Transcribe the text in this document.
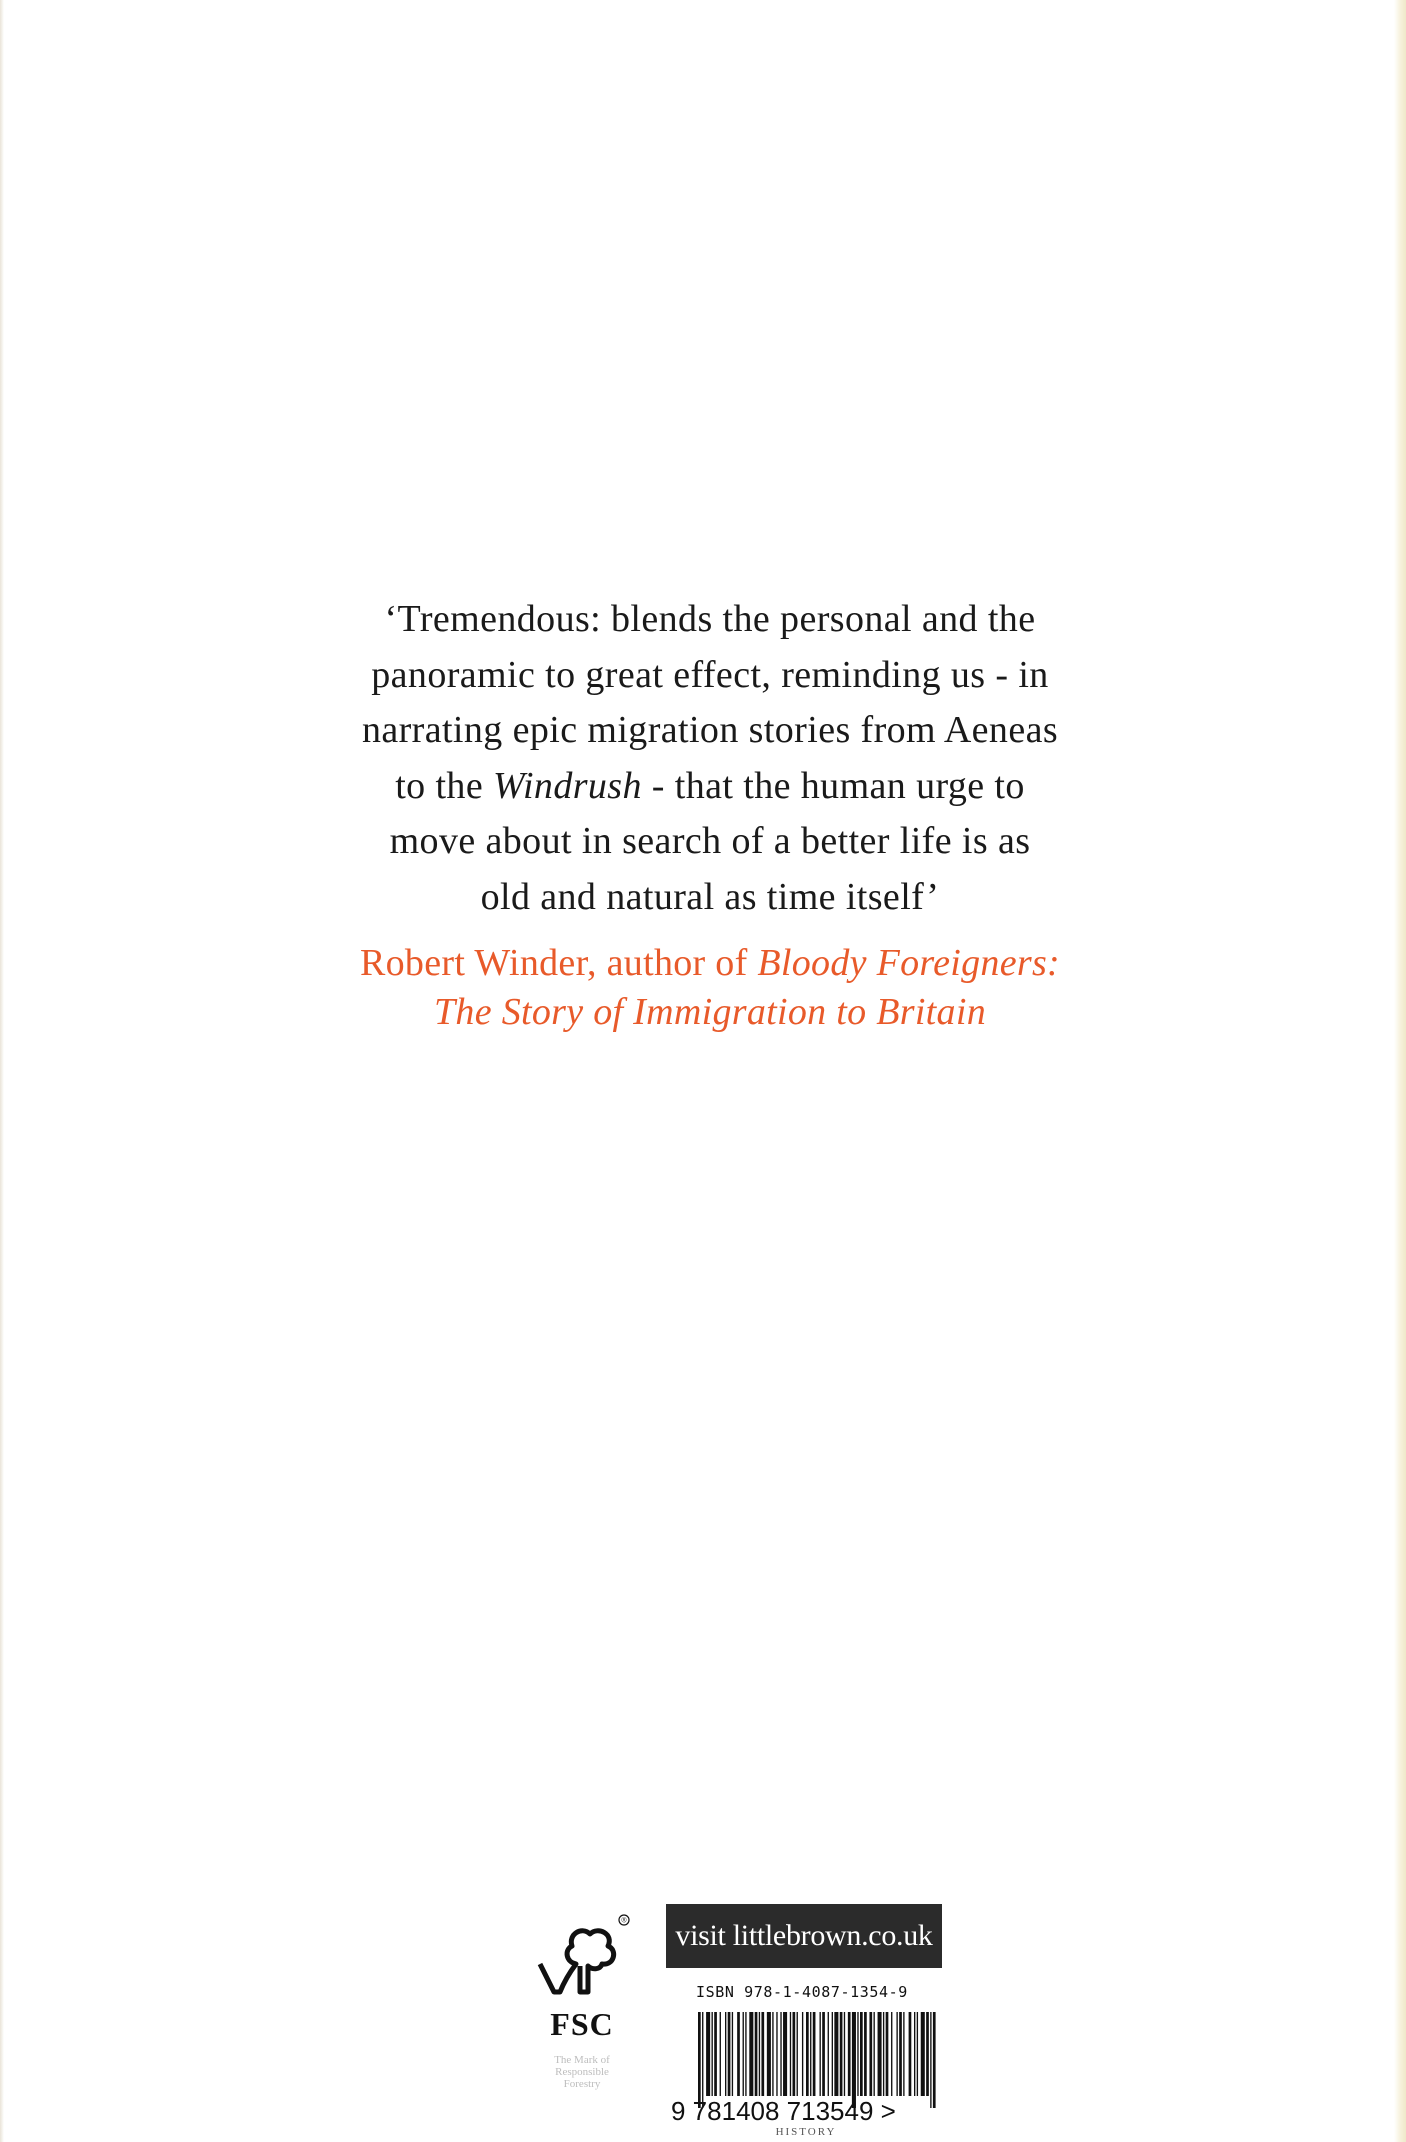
‘Tremendous: blends the personal and the
panoramic to great effect, reminding us - in
narrating epic migration stories from Aeneas
to the Windrush - that the human urge to
move about in search of a better life is as
old and natural as time itself’
Robert Winder, author of Bloody Foreigners:
The Story of Immigration to Britain
®
FSC
The Mark of
Responsible
Forestry
visit littlebrown.co.uk
ISBN 978-1-4087-1354-9
9 781408 713549 >
HISTORY
